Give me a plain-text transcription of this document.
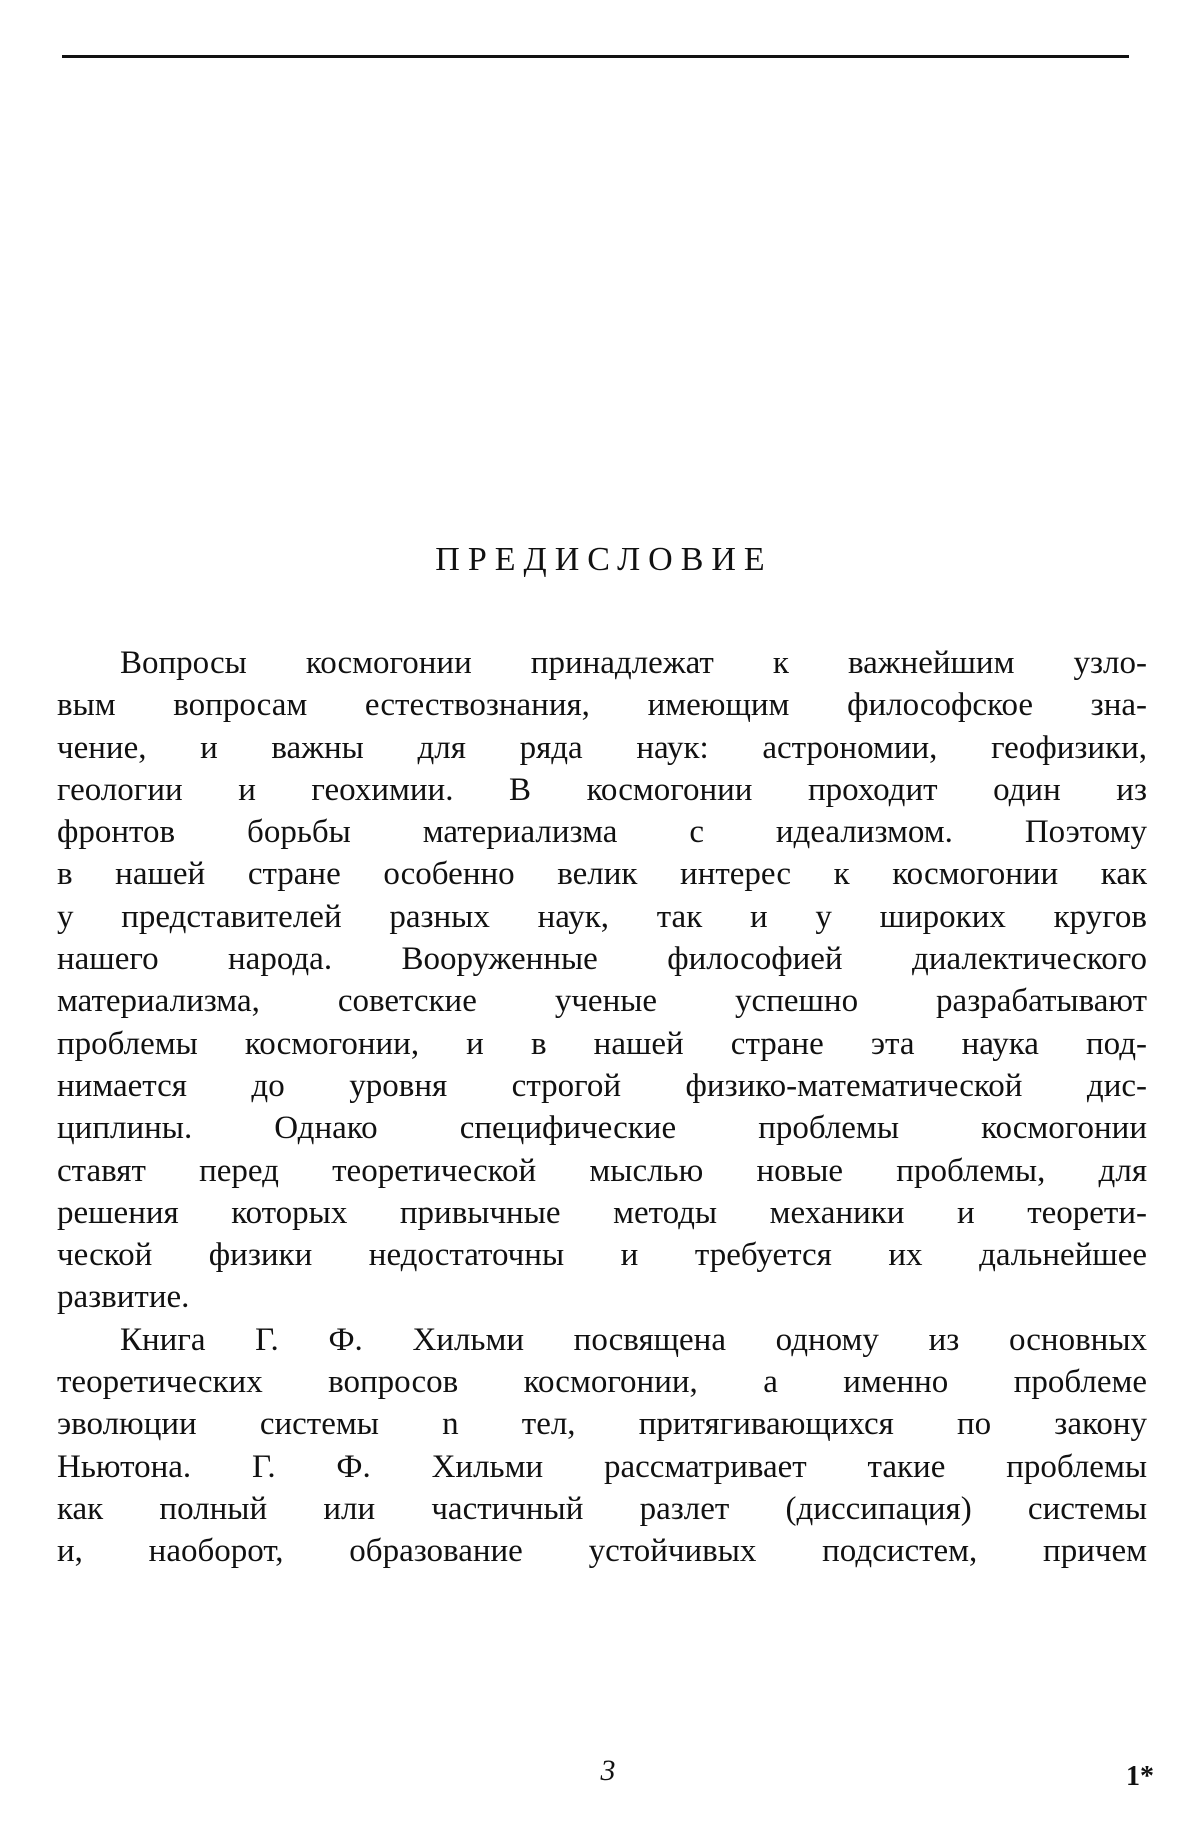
ПРЕДИСЛОВИЕ
Вопросы космогонии принадлежат к важнейшим узло-
вым вопросам естествознания, имеющим философское зна-
чение, и важны для ряда наук: астрономии, геофизики,
геологии и геохимии. В космогонии проходит один из
фронтов борьбы материализма с идеализмом. Поэтому
в нашей стране особенно велик интерес к космогонии как
у представителей разных наук, так и у широких кругов
нашего народа. Вооруженные философией диалектического
материализма, советские ученые успешно разрабатывают
проблемы космогонии, и в нашей стране эта наука под-
нимается до уровня строгой физико-математической дис-
циплины. Однако специфические проблемы космогонии
ставят перед теоретической мыслью новые проблемы, для
решения которых привычные методы механики и теорети-
ческой физики недостаточны и требуется их дальнейшее
развитие.
Книга Г. Ф. Хильми посвящена одному из основных
теоретических вопросов космогонии, а именно проблеме
эволюции системы n тел, притягивающихся по закону
Ньютона. Г. Ф. Хильми рассматривает такие проблемы
как полный или частичный разлет (диссипация) системы
и, наоборот, образование устойчивых подсистем, причем
3	1*
